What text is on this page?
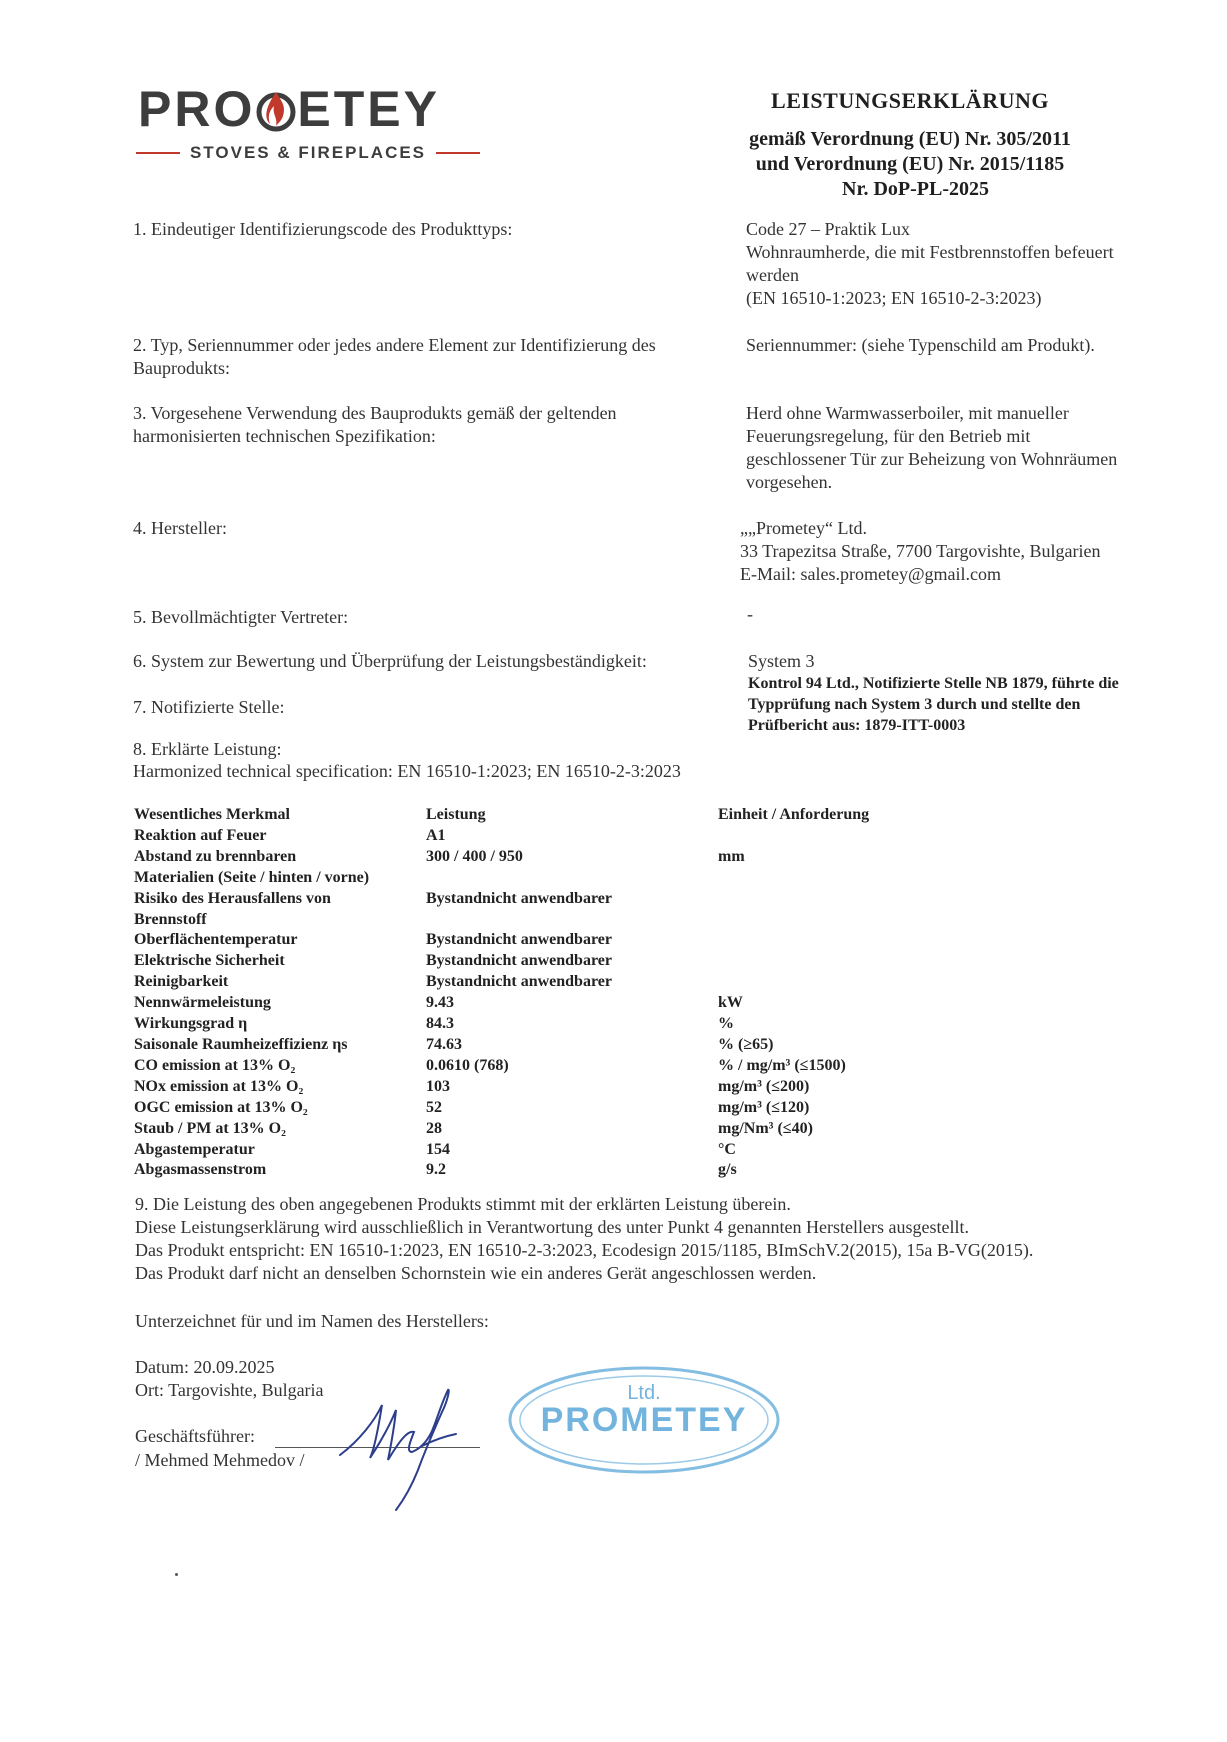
PRO ETEY
STOVES & FIREPLACES
LEISTUNGSERKLÄRUNG
gemäß Verordnung (EU) Nr. 305/2011
und Verordnung (EU) Nr. 2015/1185
Nr. DoP-PL-2025
1. Eindeutiger Identifizierungscode des Produkttyps:	Code 27 – Praktik Lux
Wohnraumherde, die mit Festbrennstoffen befeuert
werden
(EN 16510-1:2023; EN 16510-2-3:2023)
2. Typ, Seriennummer oder jedes andere Element zur Identifizierung des
Bauprodukts:
Seriennummer: (siehe Typenschild am Produkt).
3. Vorgesehene Verwendung des Bauprodukts gemäß der geltenden
harmonisierten technischen Spezifikation:
Herd ohne Warmwasserboiler, mit manueller
Feuerungsregelung, für den Betrieb mit
geschlossener Tür zur Beheizung von Wohnräumen
vorgesehen.
4. Hersteller:	„„Prometey“ Ltd.
33 Trapezitsa Straße, 7700 Targovishte, Bulgarien
E-Mail: sales.prometey@gmail.com
5. Bevollmächtigter Vertreter:	-
6. System zur Bewertung und Überprüfung der Leistungsbeständigkeit:	System 3
7. Notifizierte Stelle:
Kontrol 94 Ltd., Notifizierte Stelle NB 1879, führte die
Typprüfung nach System 3 durch und stellte den
Prüfbericht aus: 1879-ITT-0003
8. Erklärte Leistung:
Harmonized technical specification: EN 16510-1:2023; EN 16510-2-3:2023
Wesentliches Merkmal	Leistung	Einheit / Anforderung
Reaktion auf Feuer	A1	
Abstand zu brennbaren	300 / 400 / 950	mm
Materialien (Seite / hinten / vorne)		
Risiko des Herausfallens von	Bystandnicht anwendbarer	
Brennstoff		
Oberflächentemperatur	Bystandnicht anwendbarer	
Elektrische Sicherheit	Bystandnicht anwendbarer	
Reinigbarkeit	Bystandnicht anwendbarer	
Nennwärmeleistung	9.43	kW
Wirkungsgrad η	84.3	%
Saisonale Raumheizeffizienz ηs	74.63	% (≥65)
CO emission at 13% O₂	0.0610 (768)	% / mg/m³ (≤1500)
NOx emission at 13% O₂	103	mg/m³ (≤200)
OGC emission at 13% O₂	52	mg/m³ (≤120)
Staub / PM at 13% O₂	28	mg/Nm³ (≤40)
Abgastemperatur	154	°C
Abgasmassenstrom	9.2	g/s
9. Die Leistung des oben angegebenen Produkts stimmt mit der erklärten Leistung überein.
Diese Leistungserklärung wird ausschließlich in Verantwortung des unter Punkt 4 genannten Herstellers ausgestellt.
Das Produkt entspricht: EN 16510-1:2023, EN 16510-2-3:2023, Ecodesign 2015/1185, BImSchV.2(2015), 15a B-VG(2015).
Das Produkt darf nicht an denselben Schornstein wie ein anderes Gerät angeschlossen werden.
Unterzeichnet für und im Namen des Herstellers:
Datum: 20.09.2025
Ort: Targovishte, Bulgaria
Geschäftsführer:
/ Mehmed Mehmedov /
Ltd.
PROMETEY
